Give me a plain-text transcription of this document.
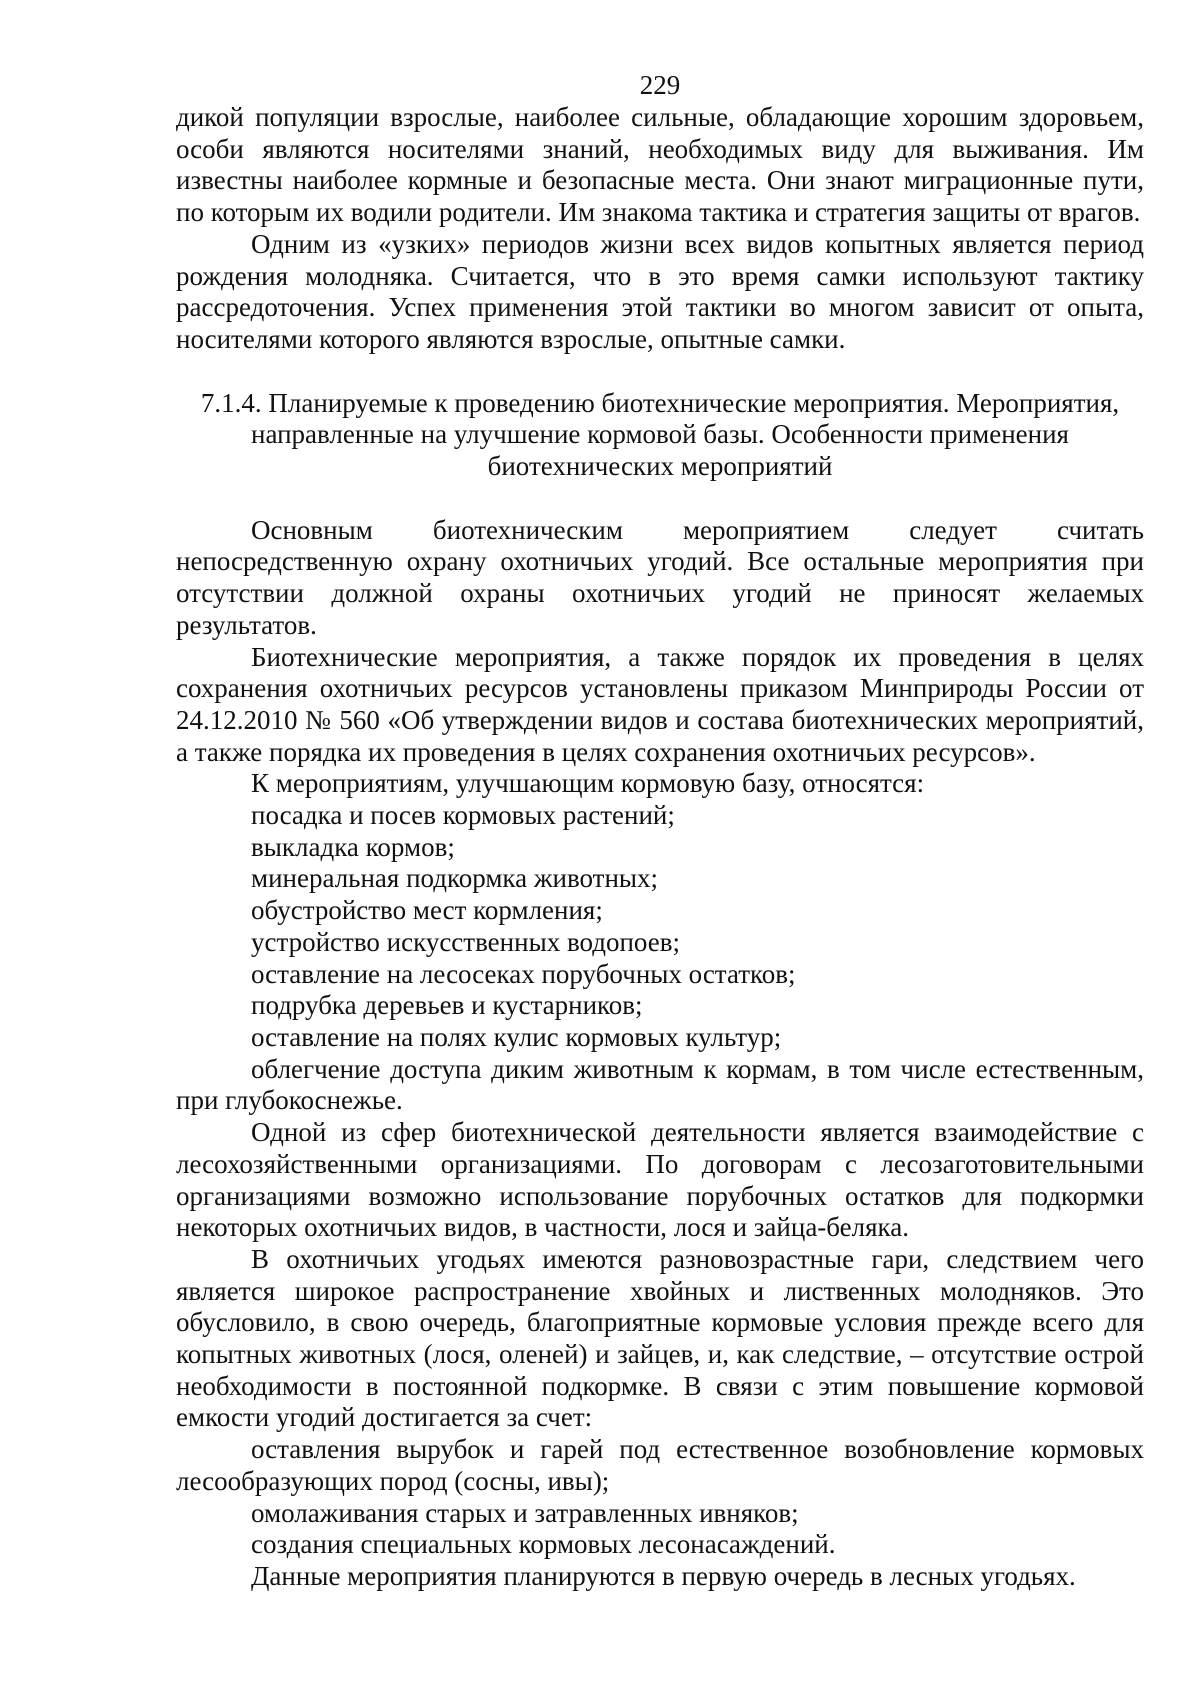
229

дикой популяции взрослые, наиболее сильные, обладающие хорошим здоровьем, особи являются носителями знаний, необходимых виду для выживания. Им известны наиболее кормные и безопасные места. Они знают миграционные пути, по которым их водили родители. Им знакома тактика и стратегия защиты от врагов.

Одним из «узких» периодов жизни всех видов копытных является период рождения молодняка. Считается, что в это время самки используют тактику рассредоточения. Успех применения этой тактики во многом зависит от опыта, носителями которого являются взрослые, опытные самки.

7.1.4. Планируемые к проведению биотехнические мероприятия. Мероприятия,
направленные на улучшение кормовой базы. Особенности применения
биотехнических мероприятий

Основным биотехническим мероприятием следует считать непосредственную охрану охотничьих угодий. Все остальные мероприятия при отсутствии должной охраны охотничьих угодий не приносят желаемых результатов.

Биотехнические мероприятия, а также порядок их проведения в целях сохранения охотничьих ресурсов установлены приказом Минприроды России от 24.12.2010 № 560 «Об утверждении видов и состава биотехнических мероприятий, а также порядка их проведения в целях сохранения охотничьих ресурсов».

К мероприятиям, улучшающим кормовую базу, относятся:

посадка и посев кормовых растений;

выкладка кормов;

минеральная подкормка животных;

обустройство мест кормления;

устройство искусственных водопоев;

оставление на лесосеках порубочных остатков;

подрубка деревьев и кустарников;

оставление на полях кулис кормовых культур;

облегчение доступа диким животным к кормам, в том числе естественным, при глубокоснежье.

Одной из сфер биотехнической деятельности является взаимодействие с лесохозяйственными организациями. По договорам с лесозаготовительными организациями возможно использование порубочных остатков для подкормки некоторых охотничьих видов, в частности, лося и зайца-беляка.

В охотничьих угодьях имеются разновозрастные гари, следствием чего является широкое распространение хвойных и лиственных молодняков. Это обусловило, в свою очередь, благоприятные кормовые условия прежде всего для копытных животных (лося, оленей) и зайцев, и, как следствие, – отсутствие острой необходимости в постоянной подкормке. В связи с этим повышение кормовой емкости угодий достигается за счет:

оставления вырубок и гарей под естественное возобновление кормовых лесообразующих пород (сосны, ивы);

омолаживания старых и затравленных ивняков;

создания специальных кормовых лесонасаждений.

Данные мероприятия планируются в первую очередь в лесных угодьях.
